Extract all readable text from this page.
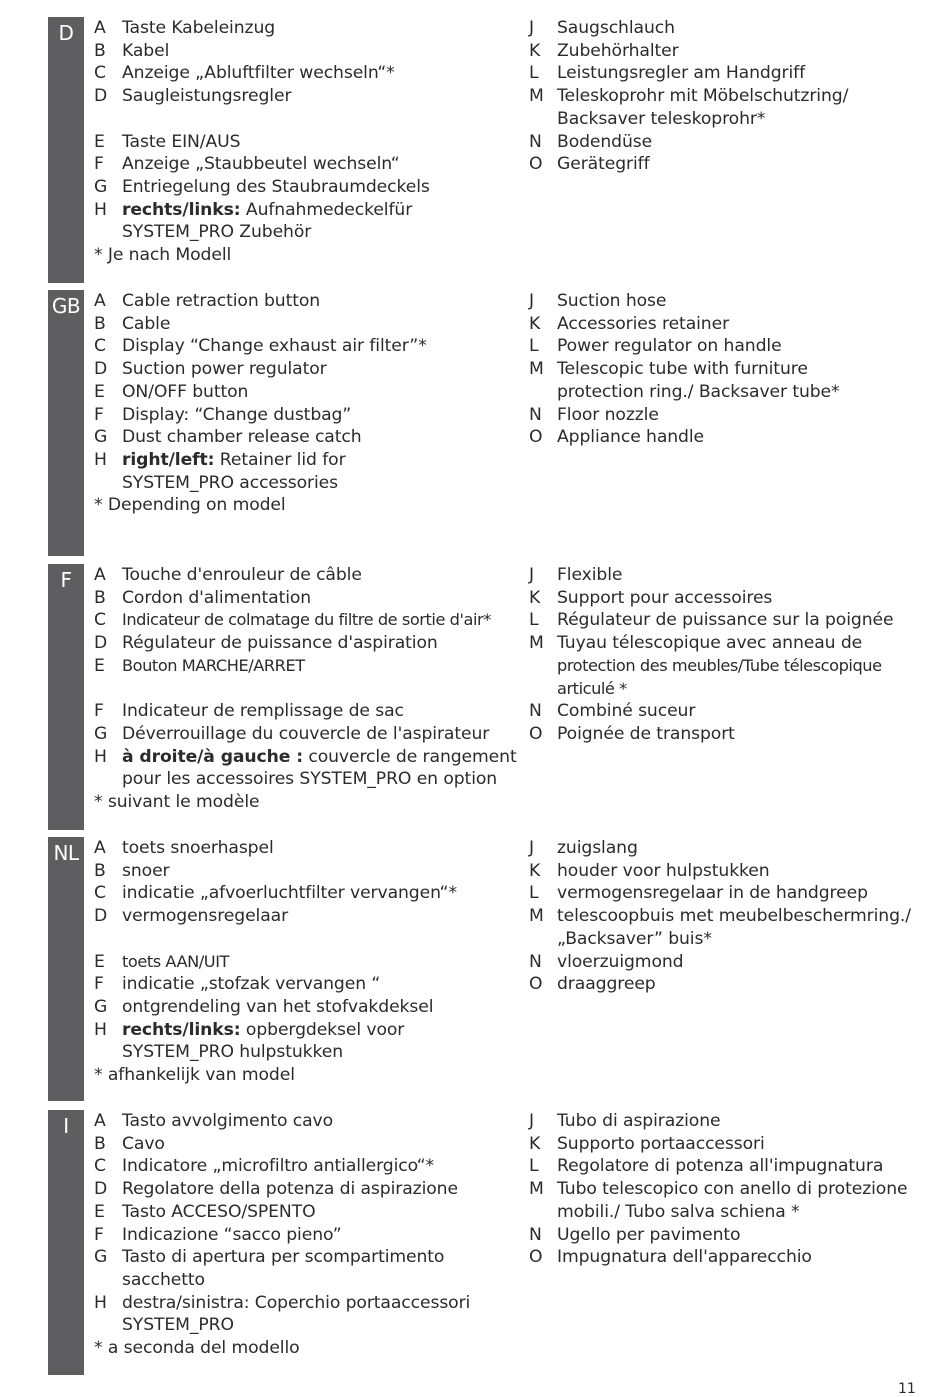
D	A Taste Kabeleinzug
B Kabel
C Anzeige „Abluftfilter wechseln“*
D Saugleistungsregler
E Taste EIN/AUS
F Anzeige „Staubbeutel wechseln“
G Entriegelung des Staubraumdeckels
H rechts/links: Aufnahmedeckelfür
SYSTEM_PRO Zubehör
* Je nach Modell
J Saugschlauch
K Zubehörhalter
L Leistungsregler am Handgriff
M Teleskoprohr mit Möbelschutzring/
Backsaver teleskoprohr*
N Bodendüse
O Gerätegriff
GB A Cable retraction button
B Cable
C Display “Change exhaust air filter”*
D Suction power regulator
E ON/OFF button
F Display: “Change dustbag”
G Dust chamber release catch
H right/left: Retainer lid for
SYSTEM_PRO accessories
* Depending on model
J Suction hose
K Accessories retainer
L Power regulator on handle
M Telescopic tube with furniture
protection ring./ Backsaver tube*
N Floor nozzle
O Appliance handle
F	A Touche d'enrouleur de câble
B Cordon d'alimentation
C Indicateur de colmatage du filtre de sortie d'air*
D Régulateur de puissance d'aspiration
E Bouton MARCHE/ARRET
F Indicateur de remplissage de sac
G Déverrouillage du couvercle de l'aspirateur
H à droite/à gauche : couvercle de rangement
pour les accessoires SYSTEM_PRO en option
* suivant le modèle
J Flexible
K Support pour accessoires
L Régulateur de puissance sur la poignée
M Tuyau télescopique avec anneau de
protection des meubles/Tube télescopique
articulé *
N Combiné suceur
O Poignée de transport
NL A toets snoerhaspel
B snoer
C indicatie „afvoerluchtfilter vervangen“*
D vermogensregelaar
E toets AAN/UIT
F indicatie „stofzak vervangen “
G ontgrendeling van het stofvakdeksel
H rechts/links: opbergdeksel voor
SYSTEM_PRO hulpstukken
* afhankelijk van model
J zuigslang
K houder voor hulpstukken
L vermogensregelaar in de handgreep
M telescoopbuis met meubelbeschermring./
„Backsaver” buis*
N vloerzuigmond
O draaggreep
I	A Tasto avvolgimento cavo
B Cavo
C Indicatore „microfiltro antiallergico“*
D Regolatore della potenza di aspirazione
E Tasto ACCESO/SPENTO
F Indicazione “sacco pieno”
G Tasto di apertura per scompartimento
sacchetto
H destra/sinistra: Coperchio portaaccessori
SYSTEM_PRO
* a seconda del modello
J Tubo di aspirazione
K Supporto portaaccessori
L Regolatore di potenza all'impugnatura
M Tubo telescopico con anello di protezione
mobili./ Tubo salva schiena *
N Ugello per pavimento
O Impugnatura dell'apparecchio
11
